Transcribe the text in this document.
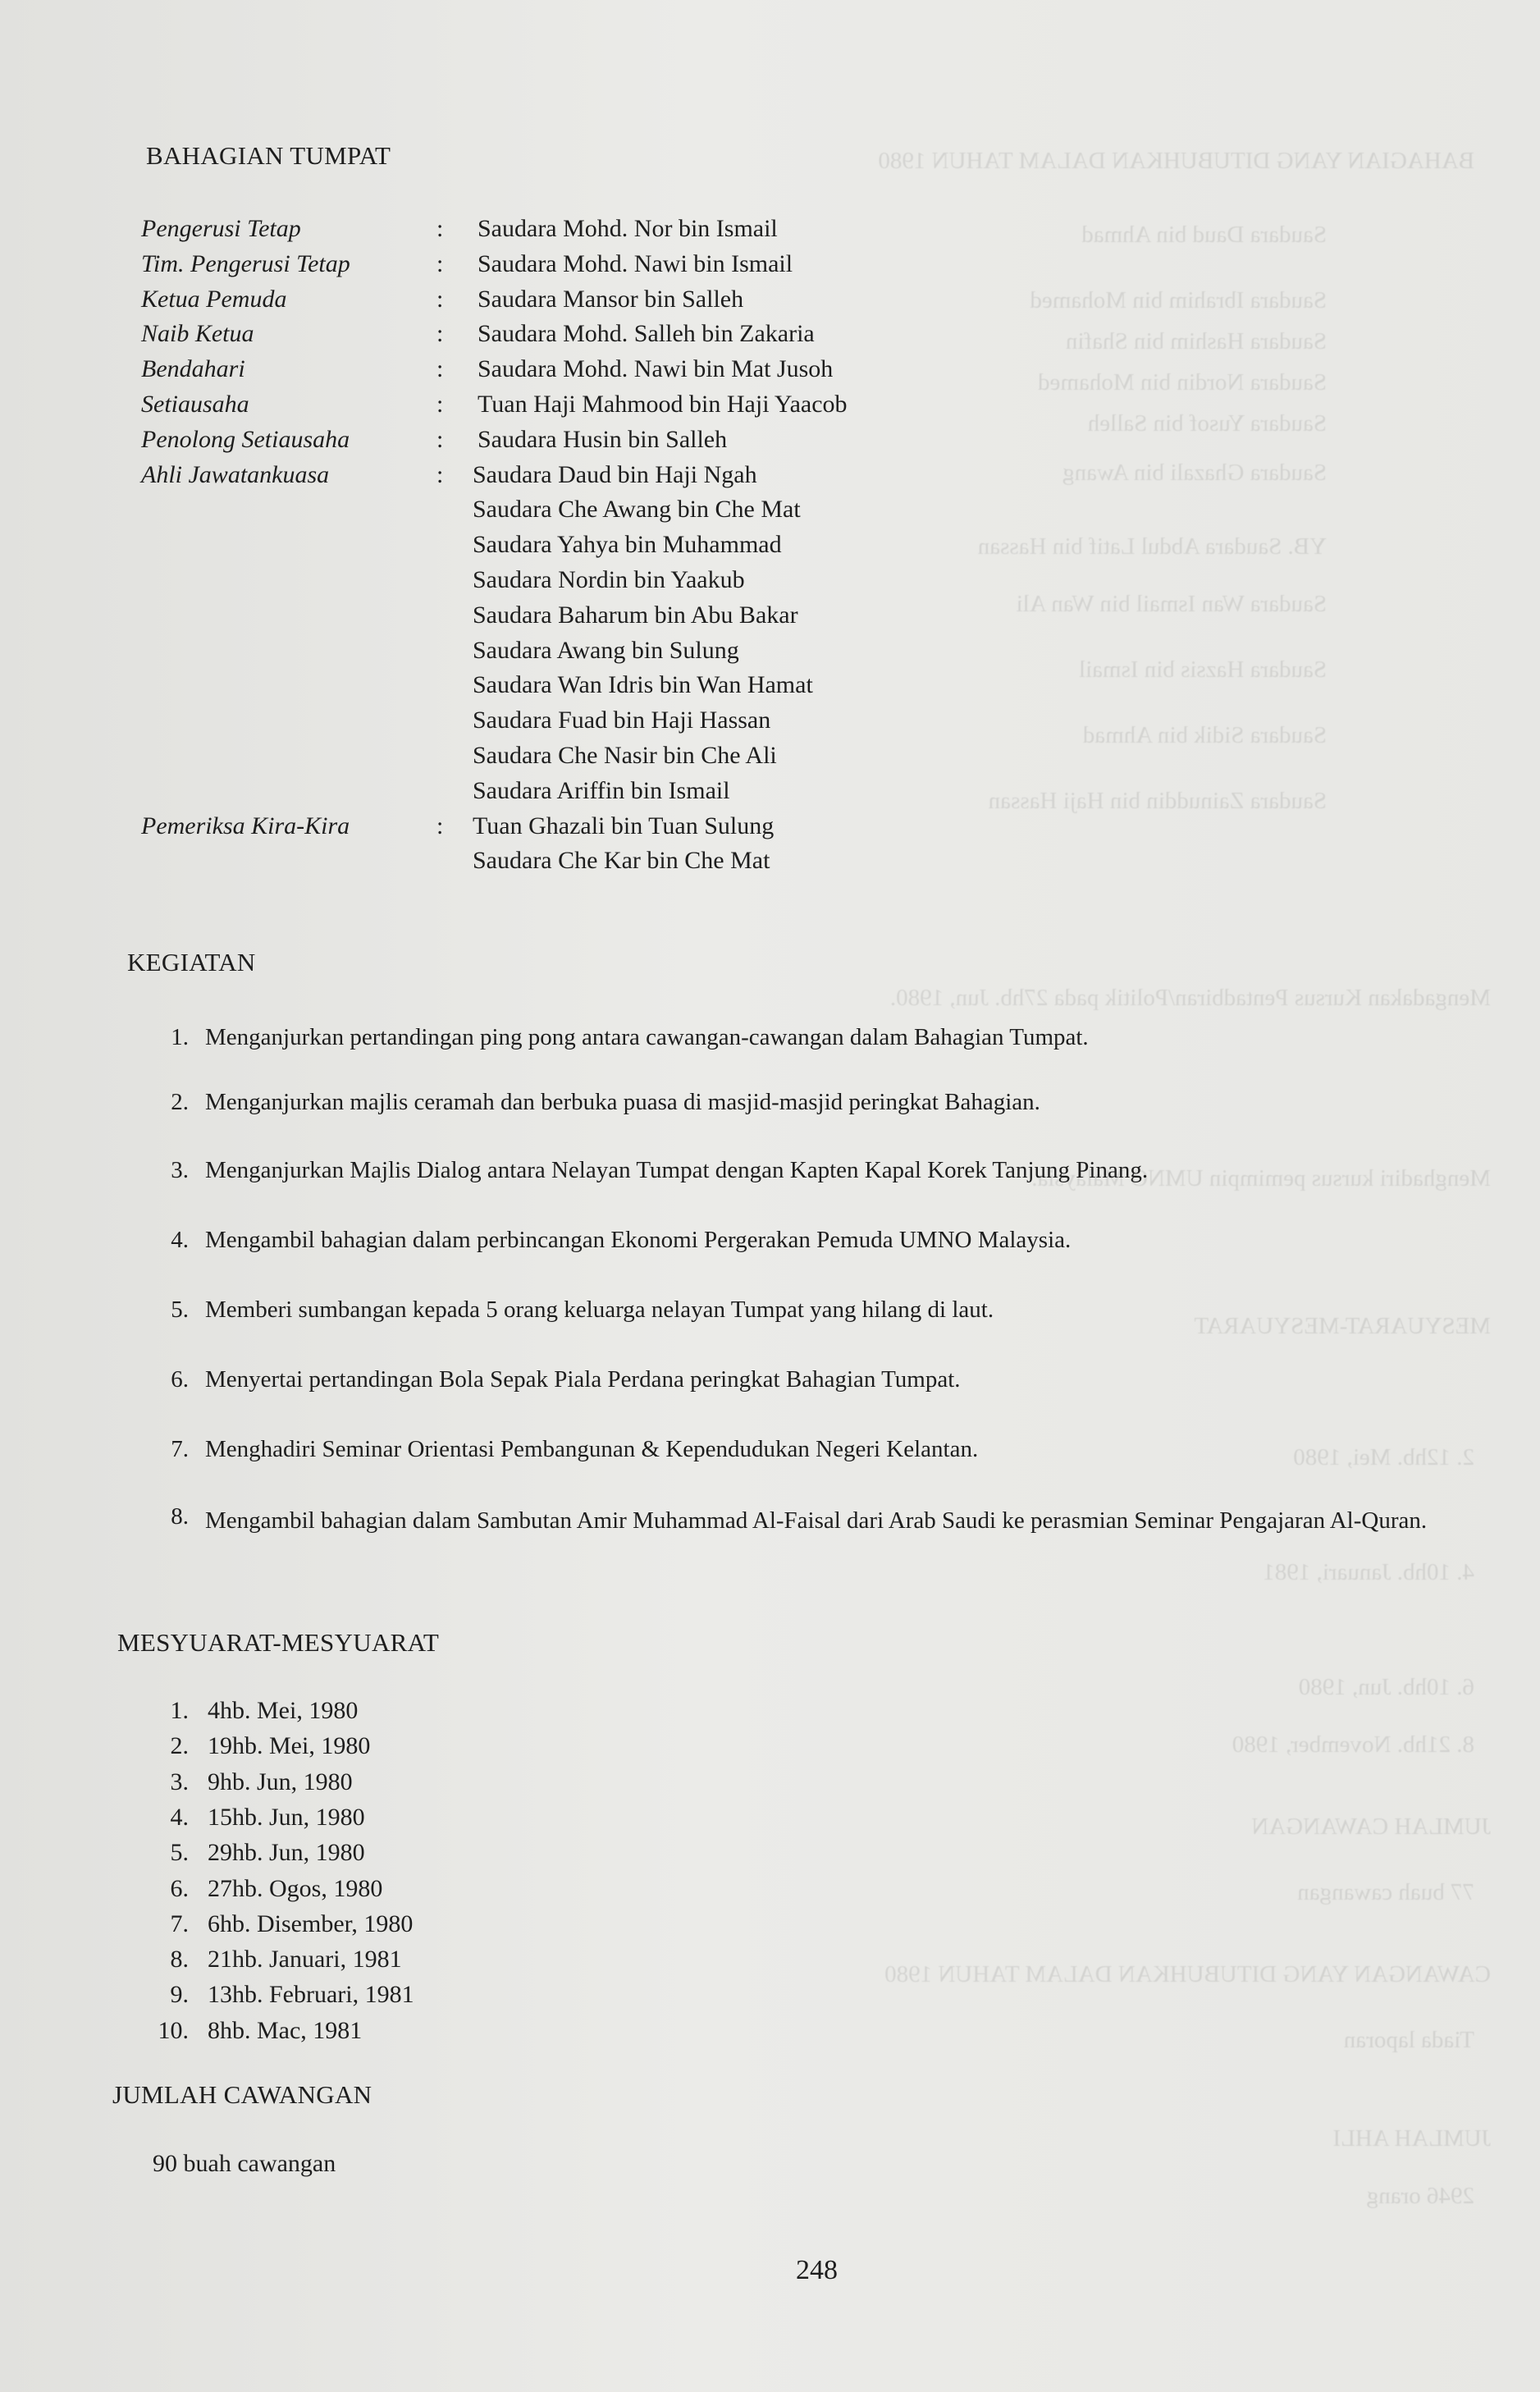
BAHAGIAN YANG DITUBUHKAN DALAM TAHUN 1980
Saudara Daud bin Ahmad
Saudara Ibrahim bin Mohamed
Saudara Hashim bin Shafin
Saudara Nordin bin Mohamed
Saudara Yusof bin Salleh
Saudara Ghazali bin Awang
YB. Saudara Abdul Latif bin Hassan
Saudara Wan Ismail bin Wan Ali
Saudara Hazsis bin Ismail
Saudara Sidik bin Ahmad
Saudara Zainuddin bin Haji Hassan
Mengadakan Kursus Pentadbiran/Politik pada 27hb. Jun, 1980.
Menghadiri kursus pemimpin UMNO Malaysia.
MESYUARAT-MESYUARAT
2. 12hb. Mei, 1980
4. 10hb. Januari, 1981
6. 10hb. Jun, 1980
8. 21hb. November, 1980
JUMLAH CAWANGAN
77 buah cawangan
CAWANGAN YANG DITUBUHKAN DALAM TAHUN 1980
Tiada laporan
JUMLAH AHLI
2946 orang
BAHAGIAN TUMPAT
Pengerusi Tetap	: Saudara Mohd. Nor bin Ismail
Tim. Pengerusi Tetap	: Saudara Mohd. Nawi bin Ismail
Ketua Pemuda	: Saudara Mansor bin Salleh
Naib Ketua	: Saudara Mohd. Salleh bin Zakaria
Bendahari	: Saudara Mohd. Nawi bin Mat Jusoh
Setiausaha	: Tuan Haji Mahmood bin Haji Yaacob
Penolong Setiausaha	: Saudara Husin bin Salleh
Ahli Jawatankuasa	: Saudara Daud bin Haji Ngah
Saudara Che Awang bin Che Mat
Saudara Yahya bin Muhammad
Saudara Nordin bin Yaakub
Saudara Baharum bin Abu Bakar
Saudara Awang bin Sulung
Saudara Wan Idris bin Wan Hamat
Saudara Fuad bin Haji Hassan
Saudara Che Nasir bin Che Ali
Saudara Ariffin bin Ismail
Pemeriksa Kira-Kira	: Tuan Ghazali bin Tuan Sulung
Saudara Che Kar bin Che Mat
KEGIATAN
1. Menganjurkan pertandingan ping pong antara cawangan-cawangan dalam Bahagian Tumpat.
2. Menganjurkan majlis ceramah dan berbuka puasa di masjid-masjid peringkat Bahagian.
3. Menganjurkan Majlis Dialog antara Nelayan Tumpat dengan Kapten Kapal Korek Tanjung Pinang.
4. Mengambil bahagian dalam perbincangan Ekonomi Pergerakan Pemuda UMNO Malaysia.
5. Memberi sumbangan kepada 5 orang keluarga nelayan Tumpat yang hilang di laut.
6. Menyertai pertandingan Bola Sepak Piala Perdana peringkat Bahagian Tumpat.
7. Menghadiri Seminar Orientasi Pembangunan & Kependudukan Negeri Kelantan.
8. Mengambil bahagian dalam Sambutan Amir Muhammad Al-Faisal dari Arab Saudi ke perasmian Seminar Pengajaran Al-Quran.
MESYUARAT-MESYUARAT
1. 4hb. Mei, 1980
2. 19hb. Mei, 1980
3. 9hb. Jun, 1980
4. 15hb. Jun, 1980
5. 29hb. Jun, 1980
6. 27hb. Ogos, 1980
7. 6hb. Disember, 1980
8. 21hb. Januari, 1981
9. 13hb. Februari, 1981
10. 8hb. Mac, 1981
JUMLAH CAWANGAN
90 buah cawangan
248
